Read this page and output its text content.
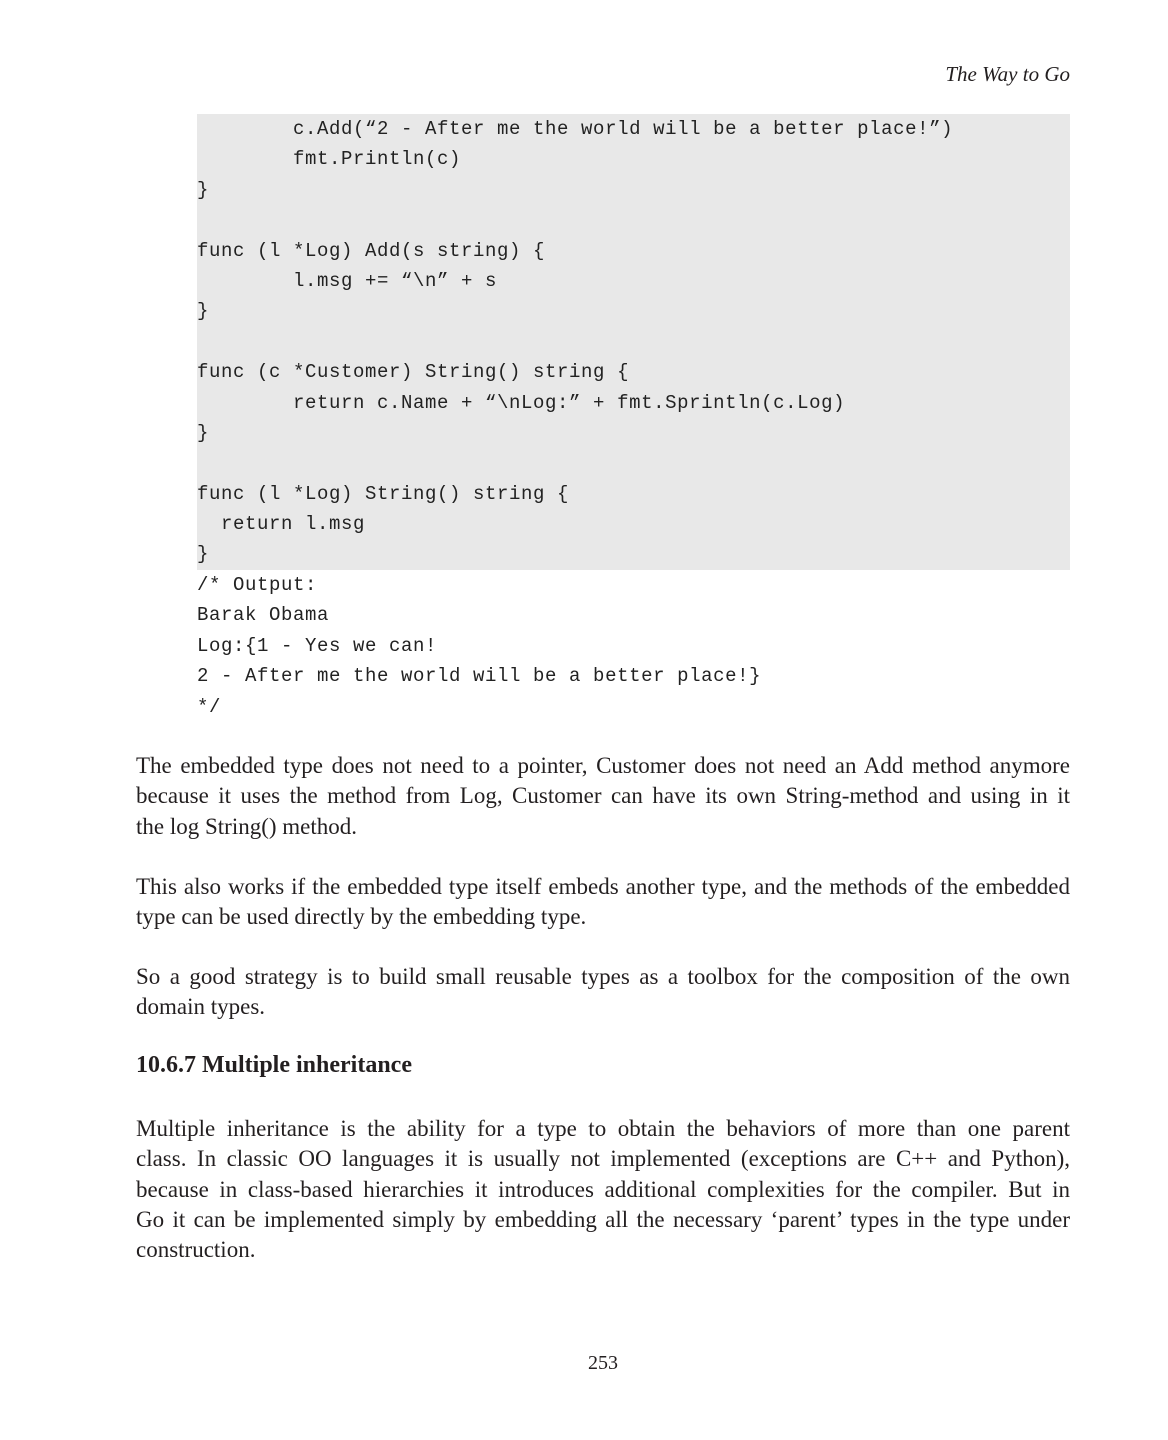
The Way to Go
c.Add(“2 - After me the world will be a better place!”)
fmt.Println(c)
}
func (l *Log) Add(s string) {
l.msg += “\n” + s
}
func (c *Customer) String() string {
return c.Name + “\nLog:” + fmt.Sprintln(c.Log)
}
func (l *Log) String() string {
return l.msg
}
/* Output:
Barak Obama
Log:{1 - Yes we can!
2 - After me the world will be a better place!}
*/
The embedded type does not need to a pointer, Customer does not need an Add method anymore
because it uses the method from Log, Customer can have its own String-method and using in it
the log String() method.
This also works if the embedded type itself embeds another type, and the methods of the embedded
type can be used directly by the embedding type.
So a good strategy is to build small reusable types as a toolbox for the composition of the own
domain types.
10.6.7 Multiple inheritance
Multiple inheritance is the ability for a type to obtain the behaviors of more than one parent
class. In classic OO languages it is usually not implemented (exceptions are C++ and Python),
because in class-based hierarchies it introduces additional complexities for the compiler. But in
Go it can be implemented simply by embedding all the necessary ‘parent’ types in the type under
construction.
253
